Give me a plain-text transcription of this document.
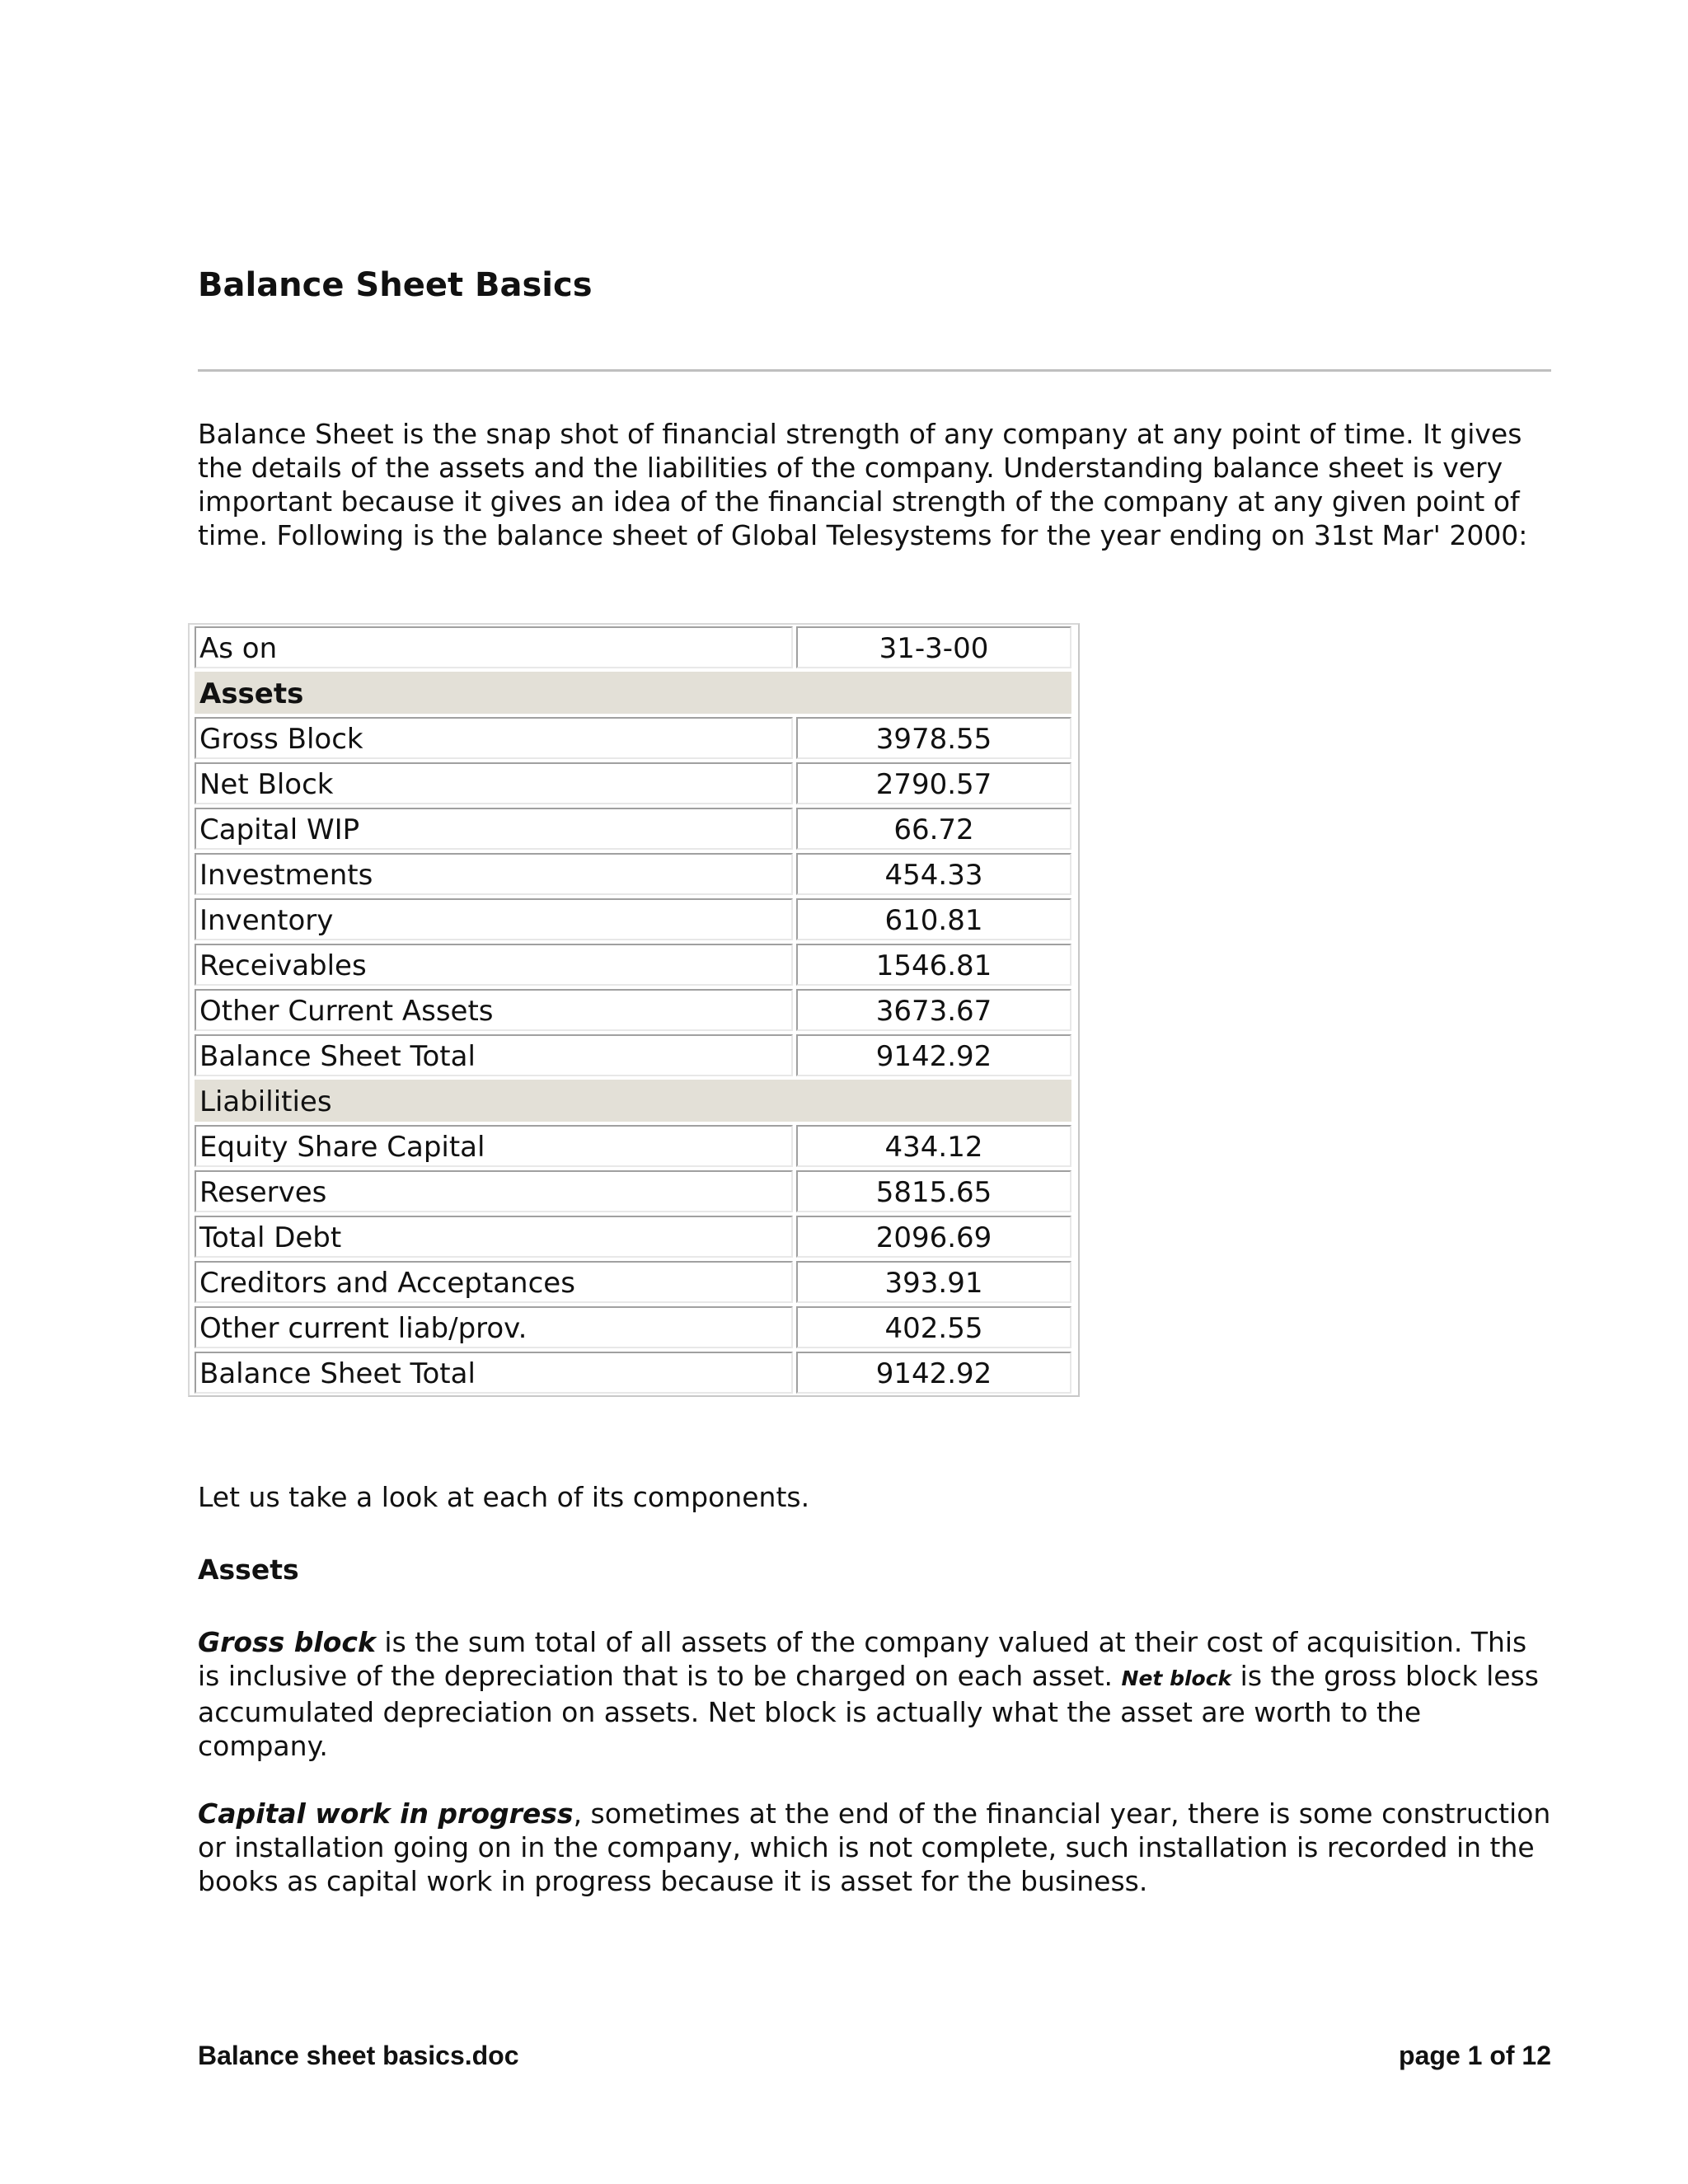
Balance Sheet Basics

Balance Sheet is the snap shot of financial strength of any company at any point of time. It gives the details of the assets and the liabilities of the company. Understanding balance sheet is very important because it gives an idea of the financial strength of the company at any given point of time. Following is the balance sheet of Global Telesystems for the year ending on 31st Mar' 2000:

As on	31-3-00
Assets
Gross Block	3978.55
Net Block	2790.57
Capital WIP	66.72
Investments	454.33
Inventory	610.81
Receivables	1546.81
Other Current Assets	3673.67
Balance Sheet Total	9142.92
Liabilities
Equity Share Capital	434.12
Reserves	5815.65
Total Debt	2096.69
Creditors and Acceptances	393.91
Other current liab/prov.	402.55
Balance Sheet Total	9142.92

Let us take a look at each of its components.

Assets

Gross block is the sum total of all assets of the company valued at their cost of acquisition. This is inclusive of the depreciation that is to be charged on each asset. Net block is the gross block less accumulated depreciation on assets. Net block is actually what the asset are worth to the company.

Capital work in progress, sometimes at the end of the financial year, there is some construction or installation going on in the company, which is not complete, such installation is recorded in the books as capital work in progress because it is asset for the business.

Balance sheet basics.doc	page 1 of 12
